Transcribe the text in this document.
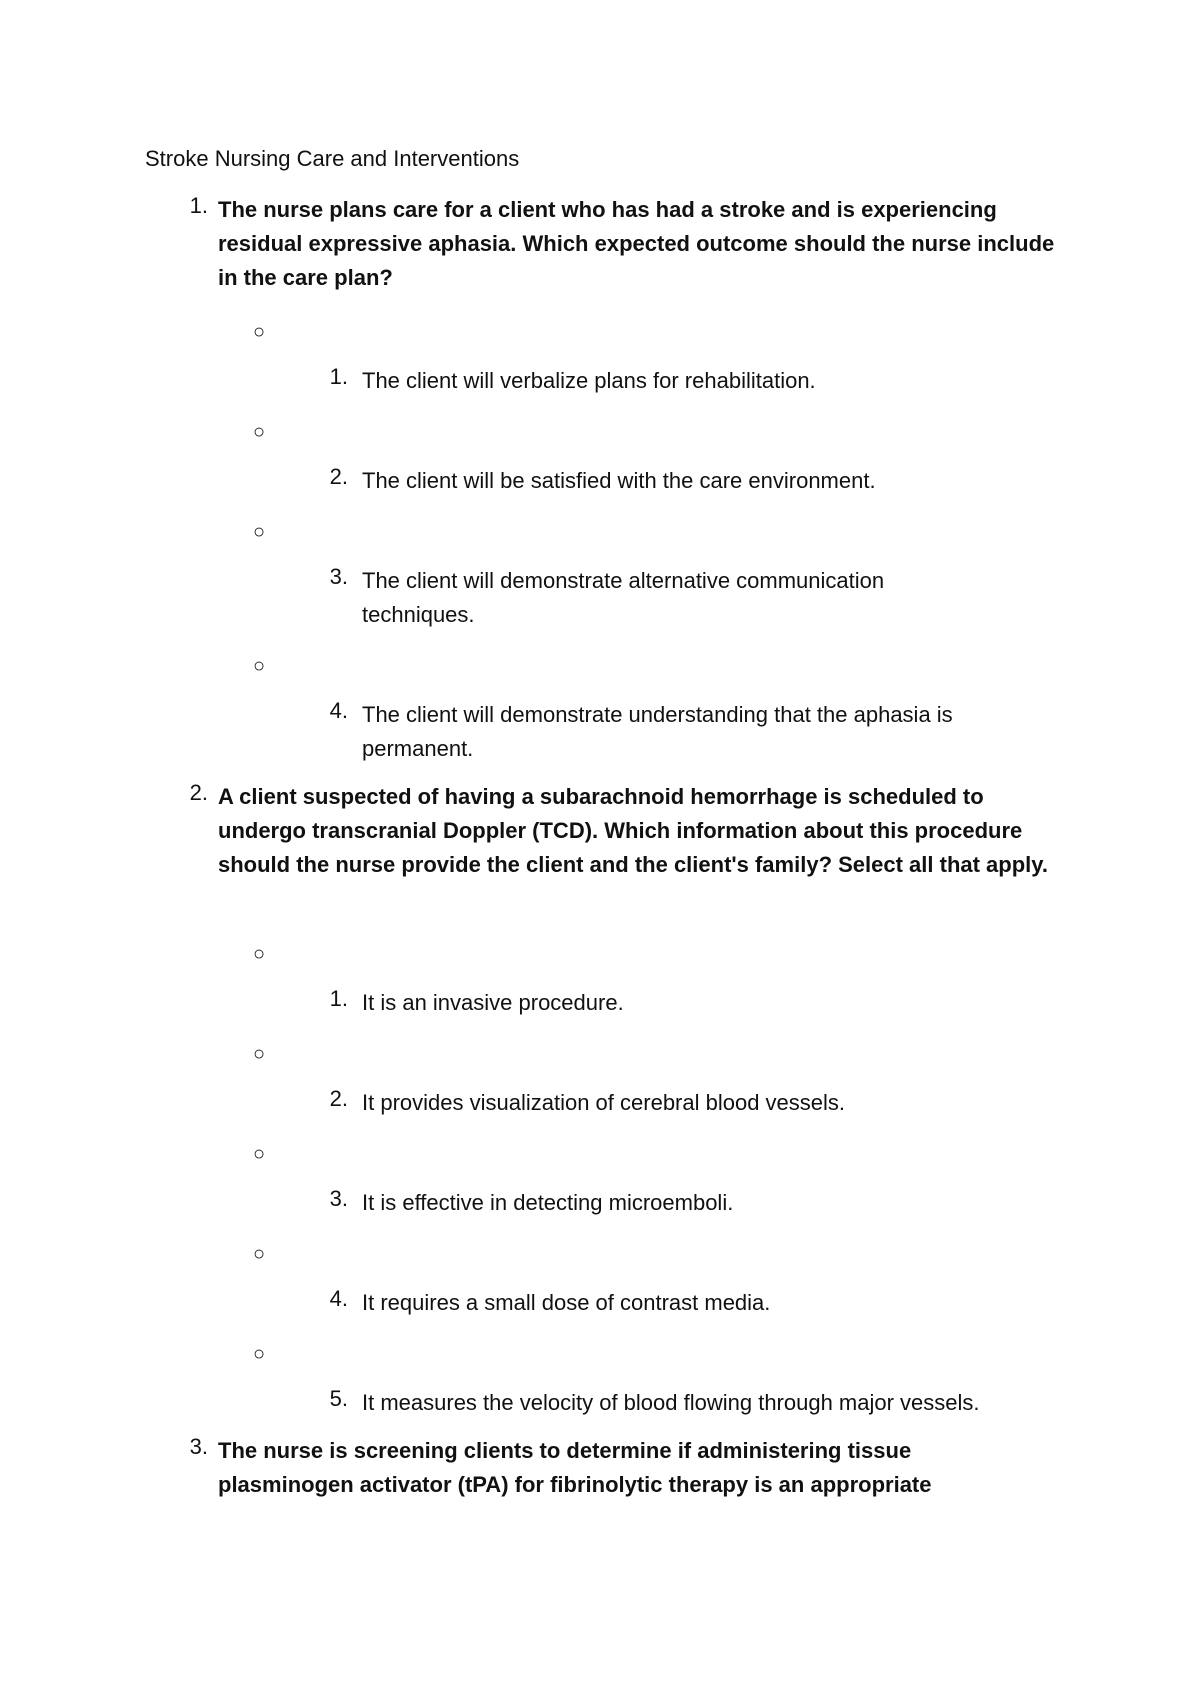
Stroke Nursing Care and Interventions
1. The nurse plans care for a client who has had a stroke and is experiencing residual expressive aphasia. Which expected outcome should the nurse include in the care plan?
○
1. The client will verbalize plans for rehabilitation.
○
2. The client will be satisfied with the care environment.
○
3. The client will demonstrate alternative communication techniques.
○
4. The client will demonstrate understanding that the aphasia is permanent.
2. A client suspected of having a subarachnoid hemorrhage is scheduled to undergo transcranial Doppler (TCD). Which information about this procedure should the nurse provide the client and the client's family? Select all that apply.
○
1. It is an invasive procedure.
○
2. It provides visualization of cerebral blood vessels.
○
3. It is effective in detecting microemboli.
○
4. It requires a small dose of contrast media.
○
5. It measures the velocity of blood flowing through major vessels.
3. The nurse is screening clients to determine if administering tissue plasminogen activator (tPA) for fibrinolytic therapy is an appropriate
